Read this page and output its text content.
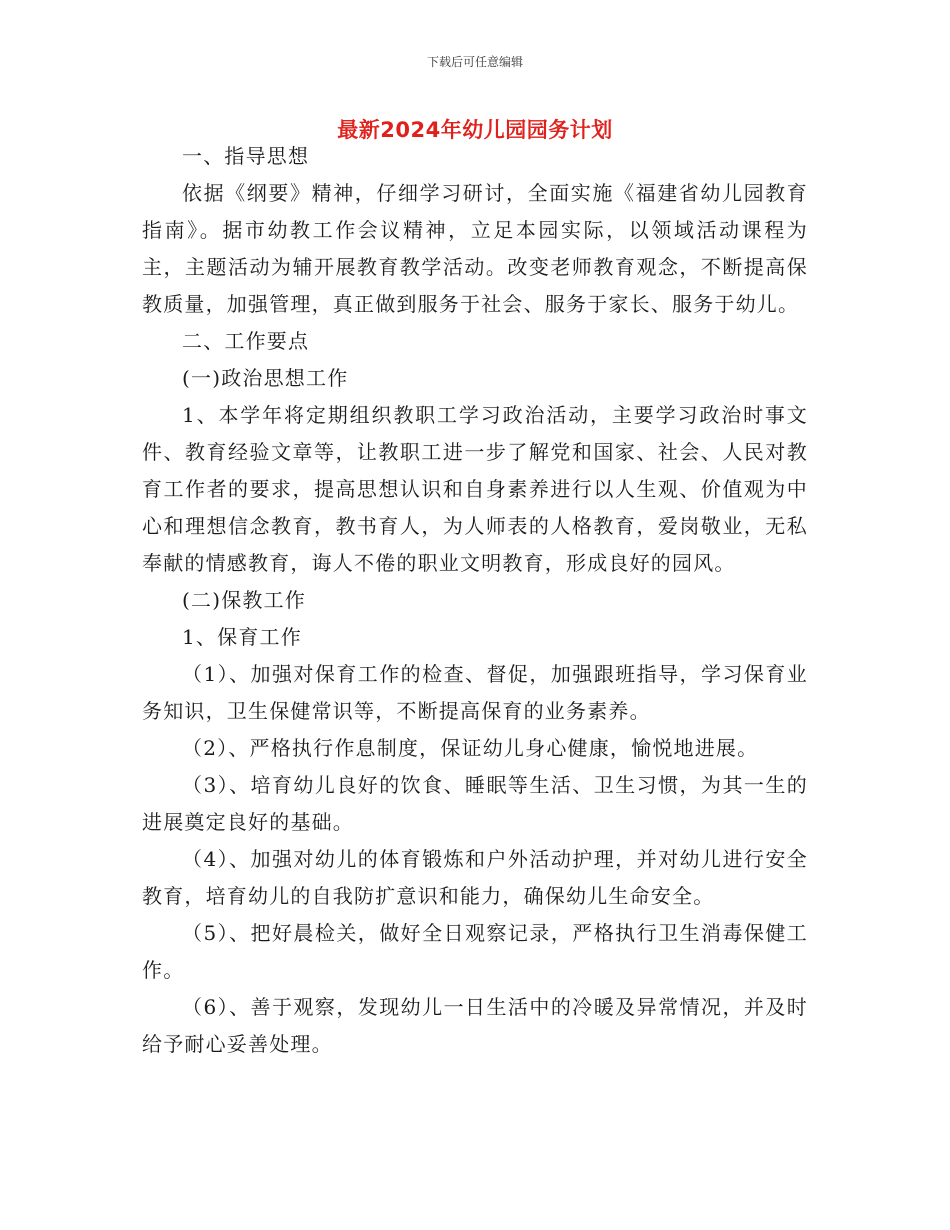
下载后可任意编辑
最新2024年幼儿园园务计划

一、指导思想

依据《纲要》精神，仔细学习研讨，全面实施《福建省幼儿园教育指南》。据市幼教工作会议精神，立足本园实际，以领域活动课程为主，主题活动为辅开展教育教学活动。改变老师教育观念，不断提高保教质量，加强管理，真正做到服务于社会、服务于家长、服务于幼儿。

二、工作要点

(一)政治思想工作

1、本学年将定期组织教职工学习政治活动，主要学习政治时事文件、教育经验文章等，让教职工进一步了解党和国家、社会、人民对教育工作者的要求，提高思想认识和自身素养进行以人生观、价值观为中心和理想信念教育，教书育人，为人师表的人格教育，爱岗敬业，无私奉献的情感教育，诲人不倦的职业文明教育，形成良好的园风。

(二)保教工作

1、保育工作

（1）、加强对保育工作的检查、督促，加强跟班指导，学习保育业务知识，卫生保健常识等，不断提高保育的业务素养。

（2）、严格执行作息制度，保证幼儿身心健康，愉悦地进展。

（3）、培育幼儿良好的饮食、睡眠等生活、卫生习惯，为其一生的进展奠定良好的基础。

（4）、加强对幼儿的体育锻炼和户外活动护理，并对幼儿进行安全教育，培育幼儿的自我防扩意识和能力，确保幼儿生命安全。

（5）、把好晨检关，做好全日观察记录，严格执行卫生消毒保健工作。

（6）、善于观察，发现幼儿一日生活中的冷暖及异常情况，并及时给予耐心妥善处理。
